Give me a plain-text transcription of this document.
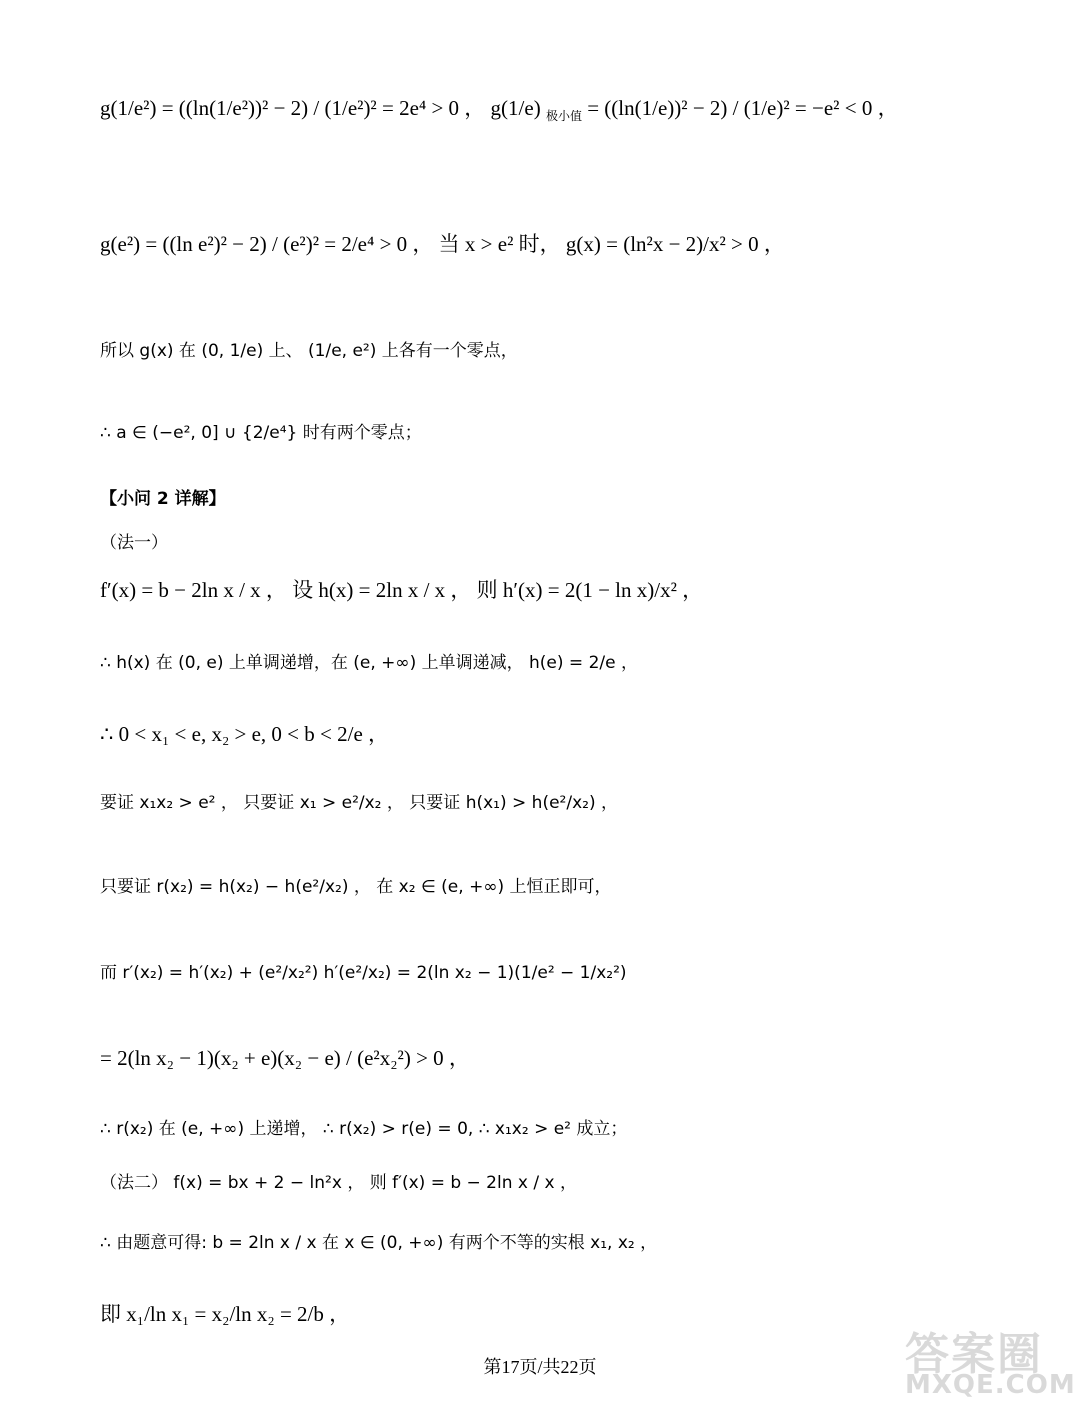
g(1/e²) = ((ln(1/e²))² − 2) / (1/e²)² = 2e⁴ > 0 ， g(1/e) $_{极小值}$ = ((ln(1/e))² − 2) / (1/e)² = −e² < 0 ，
g(e²) = ((ln e²)² − 2) / (e²)² = 2/e⁴ > 0 ， 当 x > e² 时， g(x) = (ln²x − 2)/x² > 0 ，
所以 g(x) 在 (0, 1/e) 上、 (1/e, e²) 上各有一个零点，
∴ a ∈ (−e², 0] ∪ {2/e⁴} 时有两个零点；
【小问 2 详解】
（法一）
f′(x) = b − 2ln x / x ， 设 h(x) = 2ln x / x ， 则 h′(x) = 2(1 − ln x)/x² ，
∴ h(x) 在 (0, e) 上单调递增，在 (e, +∞) 上单调递减， h(e) = 2/e ，
∴ 0 < x₁ < e, x₂ > e, 0 < b < 2/e ，
要证 x₁x₂ > e² ， 只要证 x₁ > e²/x₂ ， 只要证 h(x₁) > h(e²/x₂) ，
只要证 r(x₂) = h(x₂) − h(e²/x₂) ， 在 x₂ ∈ (e, +∞) 上恒正即可，
而 r′(x₂) = h′(x₂) + (e²/x₂²) h′(e²/x₂) = 2(ln x₂ − 1)(1/e² − 1/x₂²)
= 2(ln x₂ − 1)(x₂ + e)(x₂ − e) / (e²x₂²) > 0 ，
∴ r(x₂) 在 (e, +∞) 上递增， ∴ r(x₂) > r(e) = 0, ∴ x₁x₂ > e² 成立；
（法二） f(x) = bx + 2 − ln²x ， 则 f′(x) = b − 2ln x / x ，
∴ 由题意可得: b = 2ln x / x 在 x ∈ (0, +∞) 有两个不等的实根 x₁, x₂ ，
即 x₁/ln x₁ = x₂/ln x₂ = 2/b ，
第17页/共22页	答案圈
MXQE.COM
